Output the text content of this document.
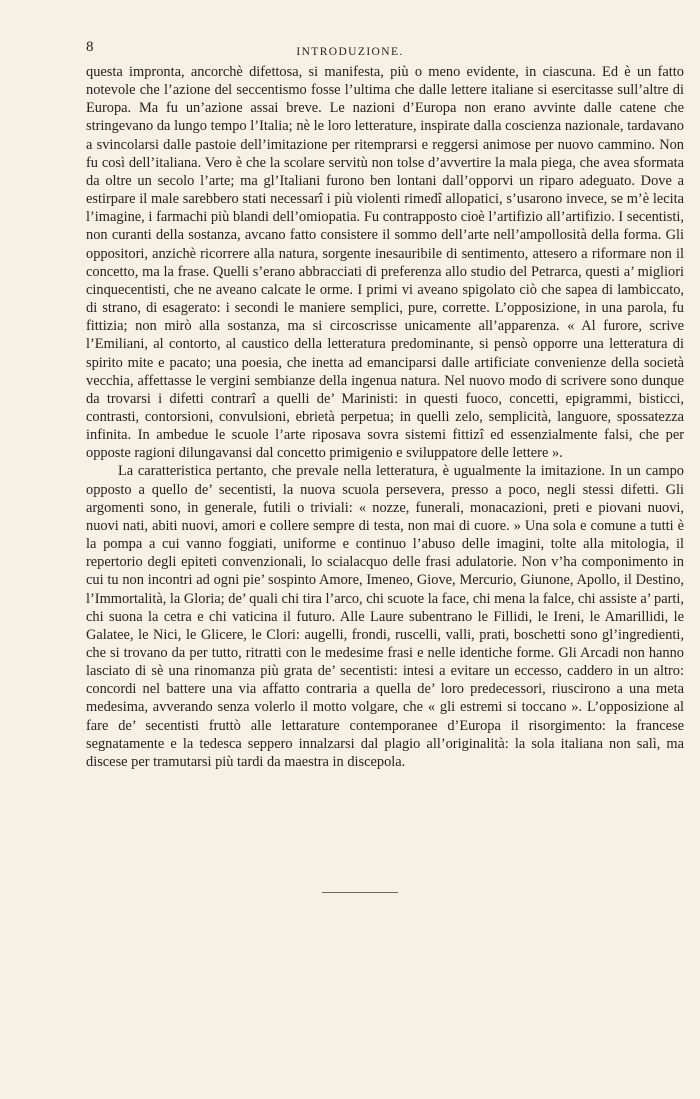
8	INTRODUZIONE.

questa impronta, ancorchè difettosa, si manifesta, più o meno evidente, in ciascuna. Ed è un fatto notevole che l’azione del seccentismo fosse l’ultima che dalle lettere italiane si esercitasse sull’altre di Europa. Ma fu un’azione assai breve. Le nazioni d’Europa non erano avvinte dalle catene che stringevano da lungo tempo l’Italia; nè le loro letterature, inspirate dalla coscienza nazionale, tardavano a svincolarsi dalle pastoie dell’imitazione per ritemprarsi e reggersi animose per nuovo cammino. Non fu così dell’italiana. Vero è che la scolare servitù non tolse d’avvertire la mala piega, che avea sformata da oltre un secolo l’arte; ma gl’Italiani furono ben lontani dall’opporvi un riparo adeguato. Dove a estirpare il male sarebbero stati necessarî i più violenti rimedî allopatici, s’usarono invece, se m’è lecita l’imagine, i farmachi più blandi dell’omiopatia. Fu contrapposto cioè l’artifizio all’artifizio. I secentisti, non curanti della sostanza, avcano fatto consistere il sommo dell’arte nell’ampollosità della forma. Gli oppositori, anzichè ricorrere alla natura, sorgente inesauribile di sentimento, attesero a riformare non il concetto, ma la frase. Quelli s’erano abbracciati di preferenza allo studio del Petrarca, questi a’ migliori cinquecentisti, che ne aveano calcate le orme. I primi vi aveano spigolato ciò che sapea di lambiccato, di strano, di esagerato: i secondi le maniere semplici, pure, corrette. L’opposizione, in una parola, fu fittizia; non mirò alla sostanza, ma si circoscrisse unicamente all’apparenza. « Al furore, scrive l’Emiliani, al contorto, al caustico della letteratura predominante, si pensò opporre una letteratura di spirito mite e pacato; una poesia, che inetta ad emanciparsi dalle artificiate convenienze della società vecchia, affettasse le vergini sembianze della ingenua natura. Nel nuovo modo di scrivere sono dunque da trovarsi i difetti contrarî a quelli de’ Marinisti: in questi fuoco, concetti, epigrammi, bisticci, contrasti, contorsioni, convulsioni, ebrietà perpetua; in quelli zelo, semplicità, languore, spossatezza infinita. In ambedue le scuole l’arte riposava sovra sistemi fittizî ed essenzialmente falsi, che per opposte ragioni dilungavansi dal concetto primigenio e sviluppatore delle lettere ».

La caratteristica pertanto, che prevale nella letteratura, è ugualmente la imitazione. In un campo opposto a quello de’ secentisti, la nuova scuola persevera, presso a poco, negli stessi difetti. Gli argomenti sono, in generale, futili o triviali: « nozze, funerali, monacazioni, preti e piovani nuovi, nuovi nati, abiti nuovi, amori e collere sempre di testa, non mai di cuore. » Una sola e comune a tutti è la pompa a cui vanno foggiati, uniforme e continuo l’abuso delle imagini, tolte alla mitologia, il repertorio degli epiteti convenzionali, lo scialacquo delle frasi adulatorie. Non v’ha componimento in cui tu non incontri ad ogni pie’ sospinto Amore, Imeneo, Giove, Mercurio, Giunone, Apollo, il Destino, l’Immortalità, la Gloria; de’ quali chi tira l’arco, chi scuote la face, chi mena la falce, chi assiste a’ parti, chi suona la cetra e chi vaticina il futuro. Alle Laure subentrano le Fillidi, le Ireni, le Amarillidi, le Galatee, le Nici, le Glicere, le Clori: augelli, frondi, ruscelli, valli, prati, boschetti sono gl’ingredienti, che si trovano da per tutto, ritratti con le medesime frasi e nelle identiche forme. Gli Arcadi non hanno lasciato di sè una rinomanza più grata de’ secentisti: intesi a evitare un eccesso, caddero in un altro: concordi nel battere una via affatto contraria a quella de’ loro predecessori, riuscirono a una meta medesima, avverando senza volerlo il motto volgare, che « gli estremi si toccano ». L’opposizione al fare de’ secentisti fruttò alle lettarature contemporanee d’Europa il risorgimento: la francese segnatamente e la tedesca seppero innalzarsi dal plagio all’originalità: la sola italiana non salì, ma discese per tramutarsi più tardi da maestra in discepola.
